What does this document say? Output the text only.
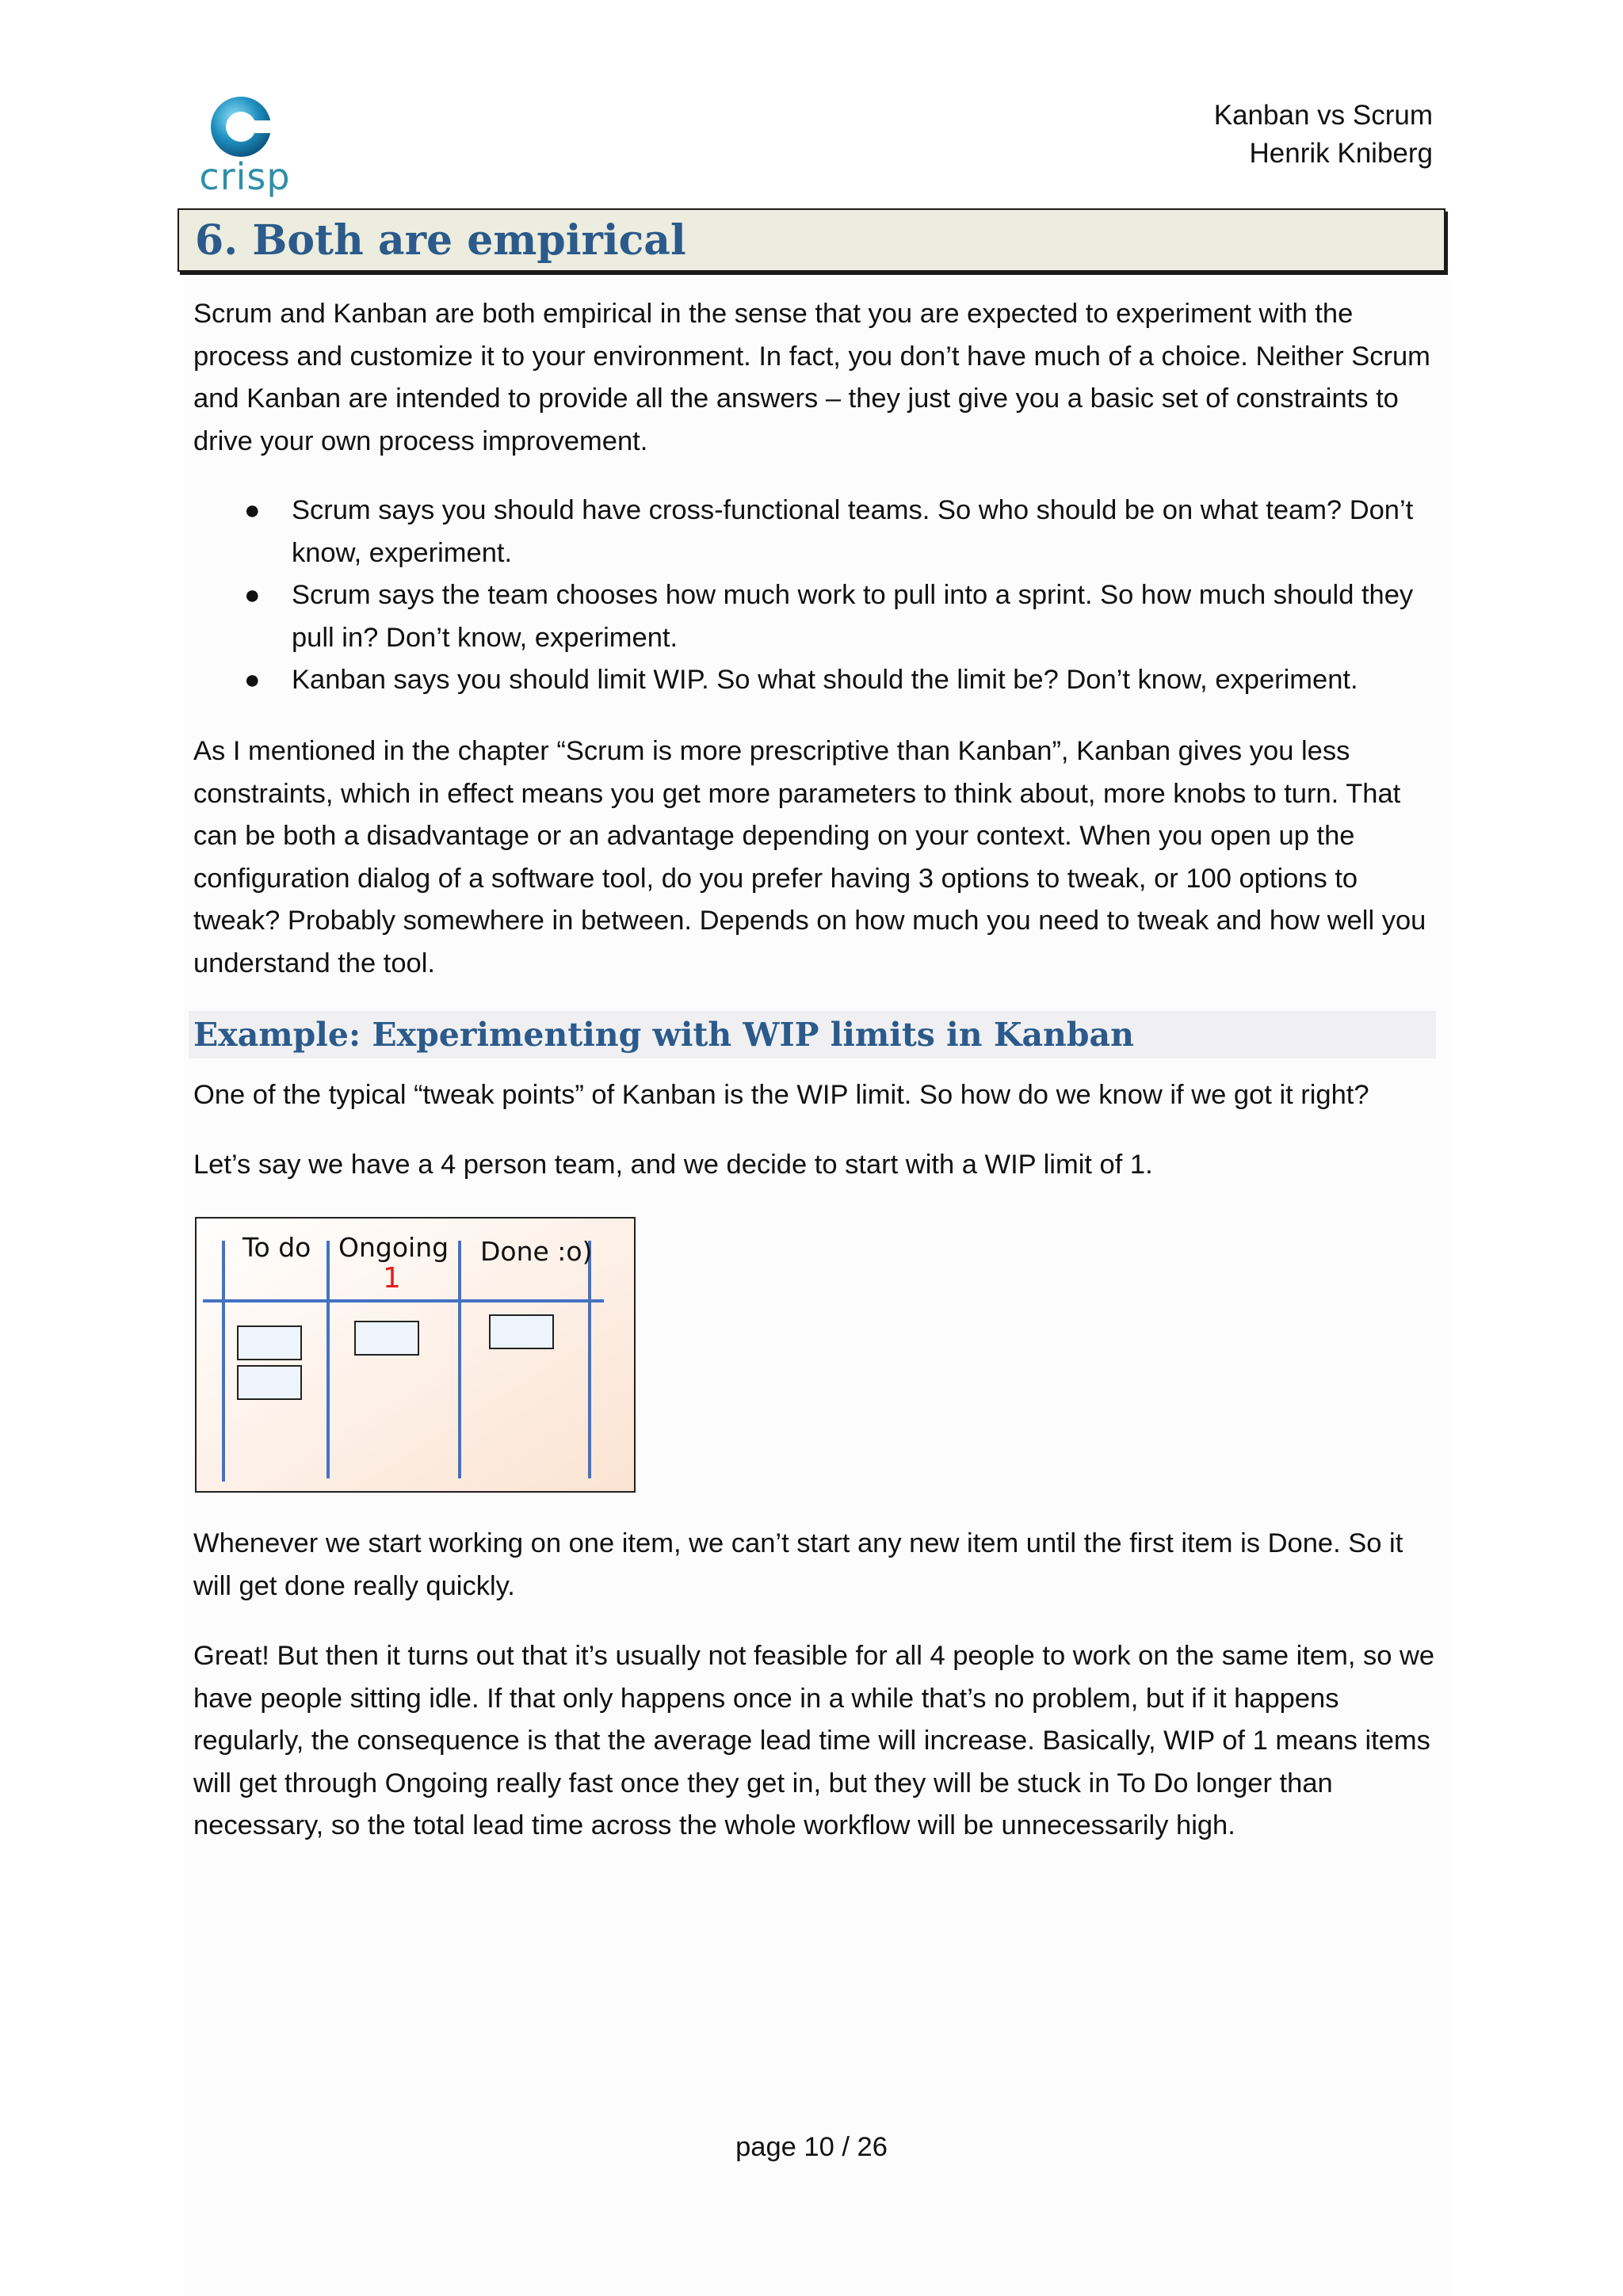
crisp
Kanban vs Scrum
Henrik Kniberg
6. Both are empirical

Scrum and Kanban are both empirical in the sense that you are expected to experiment with the process and customize it to your environment. In fact, you don’t have much of a choice. Neither Scrum and Kanban are intended to provide all the answers – they just give you a basic set of constraints to drive your own process improvement.

● Scrum says you should have cross-functional teams. So who should be on what team? Don’t know, experiment.
● Scrum says the team chooses how much work to pull into a sprint. So how much should they pull in? Don’t know, experiment.
● Kanban says you should limit WIP. So what should the limit be? Don’t know, experiment.

As I mentioned in the chapter “Scrum is more prescriptive than Kanban”, Kanban gives you less constraints, which in effect means you get more parameters to think about, more knobs to turn. That can be both a disadvantage or an advantage depending on your context. When you open up the configuration dialog of a software tool, do you prefer having 3 options to tweak, or 100 options to tweak? Probably somewhere in between. Depends on how much you need to tweak and how well you understand the tool.

Example: Experimenting with WIP limits in Kanban

One of the typical “tweak points” of Kanban is the WIP limit. So how do we know if we got it right?

Let’s say we have a 4 person team, and we decide to start with a WIP limit of 1.

To do Ongoing Done :o)
1

Whenever we start working on one item, we can’t start any new item until the first item is Done. So it will get done really quickly.

Great! But then it turns out that it’s usually not feasible for all 4 people to work on the same item, so we have people sitting idle. If that only happens once in a while that’s no problem, but if it happens regularly, the consequence is that the average lead time will increase. Basically, WIP of 1 means items will get through Ongoing really fast once they get in, but they will be stuck in To Do longer than necessary, so the total lead time across the whole workflow will be unnecessarily high.

page 10 / 26
